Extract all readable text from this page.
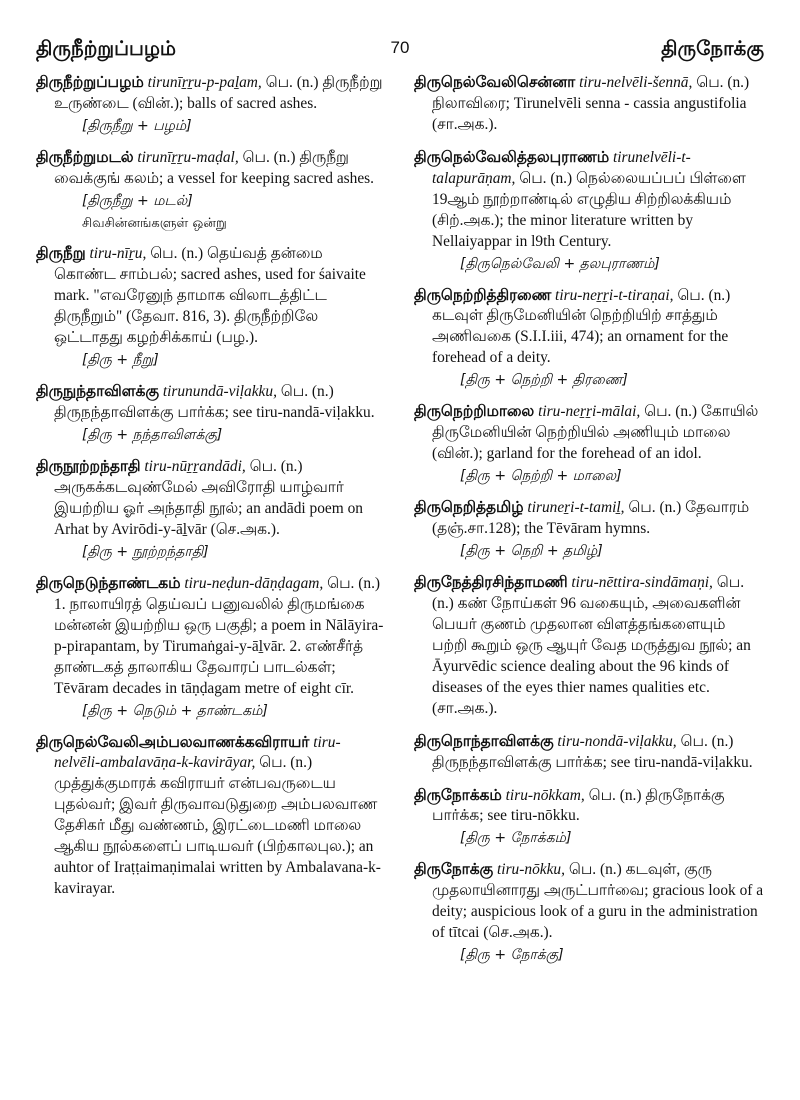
திருநீற்றுப்பழம்	70	திருநோக்கு
திருநீற்றுப்பழம் tirunīṟṟu-p-paḻam, பெ. (n.) திருநீற்று உருண்டை (வின்.); balls of sacred ashes.
[திருநீறு + பழம்]
திருநீற்றுமடல் tirunīṟṟu-maḍal, பெ. (n.) திருநீறு வைக்குங் கலம்; a vessel for keeping sacred ashes.
[திருநீறு + மடல்]
சிவசின்னங்களுள் ஒன்று
திருநீறு tiru-nīṟu, பெ. (n.) தெய்வத் தன்மை கொண்ட சாம்பல்; sacred ashes, used for śaivaite mark. "எவரேனுந் தாமாக விலாடத்திட்ட திருநீறும்" (தேவா. 816, 3). திருநீற்றிலே ஒட்டாதது கழற்சிக்காய் (பழ.).
[திரு + நீறு]
திருநுந்தாவிளக்கு tirunundā-viḷakku, பெ. (n.) திருநந்தாவிளக்கு பார்க்க; see tiru-nandā-viḷakku.
[திரு + நந்தாவிளக்கு]
திருநூற்றந்தாதி tiru-nūṟṟandādi, பெ. (n.) அருகக்கடவுண்மேல் அவிரோதி யாழ்வார் இயற்றிய ஓர் அந்தாதி நூல்; an andādi poem on Arhat by Avirōdi-y-āḻvār (செ.அக.).
[திரு + நூற்றந்தாதி]
திருநெடுந்தாண்டகம் tiru-neḍun-dāṇḍagam, பெ. (n.) 1. நாலாயிரத் தெய்வப் பனுவலில் திருமங்கை மன்னன் இயற்றிய ஒரு பகுதி; a poem in Nālāyira-p-pirapantam, by Tirumaṅgai-y-āḻvār. 2. எண்சீர்த் தாண்டகத் தாலாகிய தேவாரப் பாடல்கள்; Tēvāram decades in tāṇḍagam metre of eight cīr.
[திரு + நெடும் + தாண்டகம்]
திருநெல்வேலிஅம்பலவாணக்கவிராயர் tiru-nelvēli-ambalavāṇa-k-kavirāyar, பெ. (n.) முத்துக்குமாரக் கவிராயர் என்பவருடைய புதல்வர்; இவர் திருவாவடுதுறை அம்பலவாண தேசிகர் மீது வண்ணம், இரட்டைமணி மாலை ஆகிய நூல்களைப் பாடியவர் (பிற்காலபுல.); an auhtor of Iraṭṭaimaṇimalai written by Ambalavana-k-kavirayar.
திருநெல்வேலிசென்னா tiru-nelvēli-šennā, பெ. (n.) நிலாவிரை; Tirunelvēli senna - cassia angustifolia (சா.அக.).
திருநெல்வேலித்தலபுராணம் tirunelvēli-t-talapurāṇam, பெ. (n.) நெல்லையப்பப் பிள்ளை 19ஆம் நூற்றாண்டில் எழுதிய சிற்றிலக்கியம் (சிற்.அக.); the minor literature written by Nellaiyappar in l9th Century.
[திருநெல்வேலி + தலபுராணம்]
திருநெற்றித்திரணை tiru-neṟṟi-t-tiraṇai, பெ. (n.) கடவுள் திருமேனியின் நெற்றியிற் சாத்தும் அணிவகை (S.I.I.iii, 474); an ornament for the forehead of a deity.
[திரு + நெற்றி + திரணை]
திருநெற்றிமாலை tiru-neṟṟi-mālai, பெ. (n.) கோயில் திருமேனியின் நெற்றியில் அணியும் மாலை (வின்.); garland for the forehead of an idol.
[திரு + நெற்றி + மாலை]
திருநெறித்தமிழ் tiruneṟi-t-tamiḻ, பெ. (n.) தேவாரம் (தஞ்.சா.128); the Tēvāram hymns.
[திரு + நெறி + தமிழ்]
திருநேத்திரசிந்தாமணி tiru-nēttira-sindāmaṇi, பெ. (n.) கண் நோய்கள் 96 வகையும், அவைகளின் பெயர் குணம் முதலான விளத்தங்களையும் பற்றி கூறும் ஒரு ஆயுர் வேத மருத்துவ நூல்; an Āyurvēdic science dealing about the 96 kinds of diseases of the eyes thier names qualities etc. (சா.அக.).
திருநொந்தாவிளக்கு tiru-nondā-viḷakku, பெ. (n.) திருநந்தாவிளக்கு பார்க்க; see tiru-nandā-viḷakku.
திருநோக்கம் tiru-nōkkam, பெ. (n.) திருநோக்கு பார்க்க; see tiru-nōkku.
[திரு + நோக்கம்]
திருநோக்கு tiru-nōkku, பெ. (n.) கடவுள், குரு முதலாயினாரது அருட்பார்வை; gracious look of a deity; auspicious look of a guru in the administration of tītcai (செ.அக.).
[திரு + நோக்கு]
